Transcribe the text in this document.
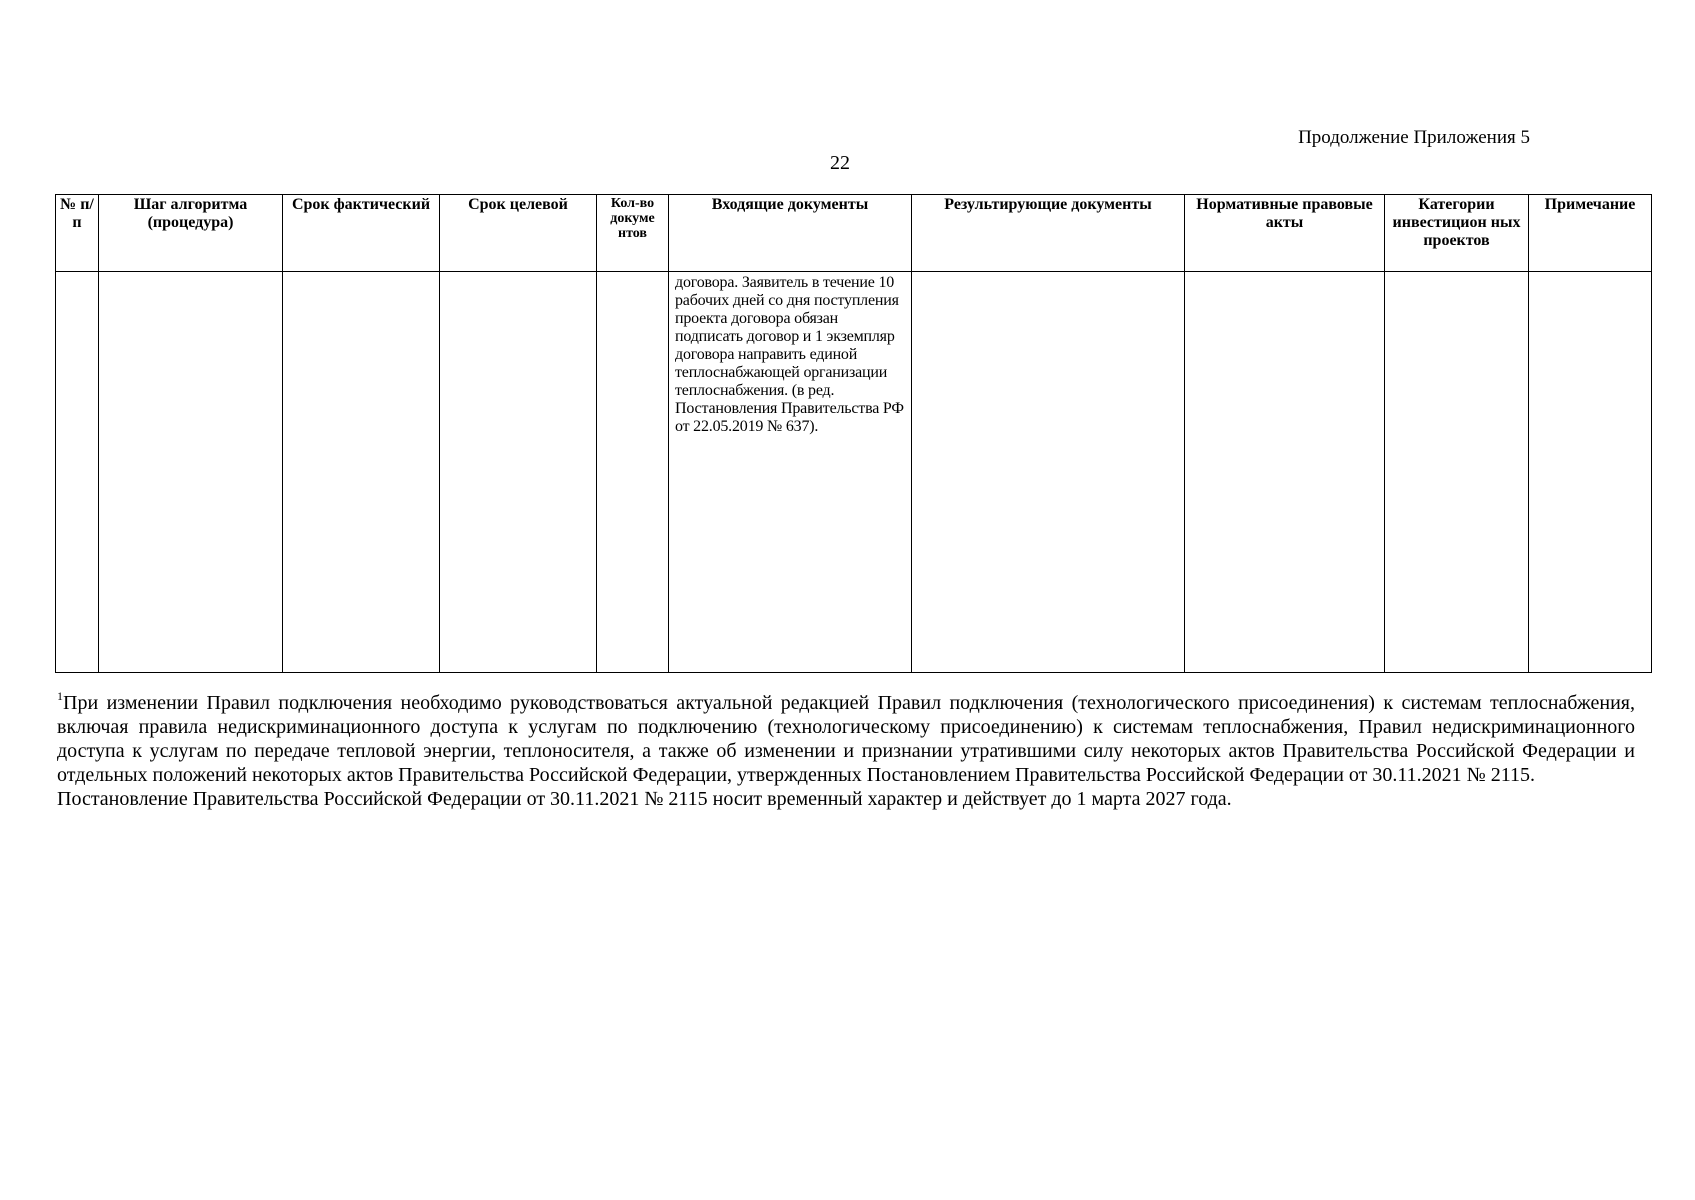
Продолжение Приложения 5
22
№ п/п	Шаг алгоритма (процедура)	Срок фактический	Срок целевой	Кол-во докуме нтов	Входящие документы	Результирующие документы	Нормативные правовые акты	Категории инвестицион ных проектов	Примечание

					договора. Заявитель в течение 10 рабочих дней со дня поступления проекта договора обязан подписать договор и 1 экземпляр договора направить единой теплоснабжающей организации теплоснабжения. (в ред. Постановления Правительства РФ от 22.05.2019 № 637).				

$^1$При изменении Правил подключения необходимо руководствоваться актуальной редакцией Правил подключения (технологического присоединения) к системам теплоснабжения, включая правила недискриминационного доступа к услугам по подключению (технологическому присоединению) к системам теплоснабжения, Правил недискриминационного доступа к услугам по передаче тепловой энергии, теплоносителя, а также об изменении и признании утратившими силу некоторых актов Правительства Российской Федерации и отдельных положений некоторых актов Правительства Российской Федерации, утвержденных Постановлением Правительства Российской Федерации от 30.11.2021 № 2115.

Постановление Правительства Российской Федерации от 30.11.2021 № 2115 носит временный характер и действует до 1 марта 2027 года.
